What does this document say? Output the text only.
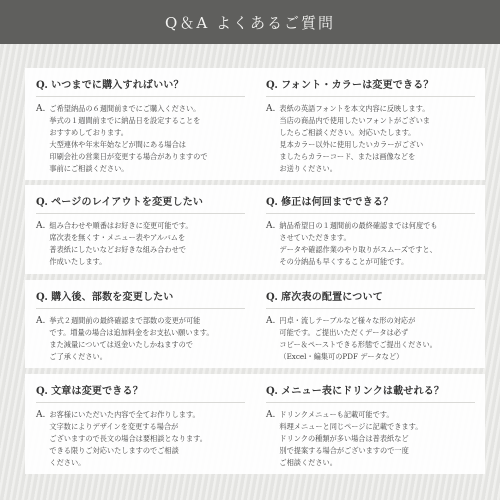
Q＆A よくあるご質問
Q. いつまでに購入すればいい？
A. ご希望納品の６週間前までにご購入ください。
挙式の１週間前までに納品日を設定することを
おすすめしております。
大型連休や年末年始などが間にある場合は
印刷会社の営業日が変更する場合がありますので
事前にご相談ください。
Q. フォント・カラーは変更できる？
A. 表紙の英語フォントを本文内容に反映します。
当店の商品内で使用したいフォントがございま
したらご相談ください。対応いたします。
見本カラー以外に使用したいカラーがござい
ましたらカラーコード、または画像などを
お送りください。
Q. ページのレイアウトを変更したい
A. 組み合わせや順番はお好きに変更可能です。
席次表を無くす・メニュー表やアルバムを
普表紙にしたいなどお好きな組み合わせで
作成いたします。
Q. 修正は何回までできる？
A. 納品希望日の１週間前の最終確認までは何度でも
させていただきます。
データや確認作業のやり取りがスムーズですと、
その分納品も早くすることが可能です。
Q. 購入後、部数を変更したい
A. 挙式２週間前の最終確認まで部数の変更が可能
です。増量の場合は追加料金をお支払い願います。
また減量については返金いたしかねますので
ご了承ください。
Q. 席次表の配置について
A. 円卓・流しテーブルなど様々な形の対応が
可能です。ご提出いただくデータは必ず
コピー＆ペーストできる形態でご提出ください。
（Excel・編集可のPDF データなど）
Q. 文章は変更できる？
A. お客様にいただいた内容で全てお作りします。
文字数によりデザインを変更する場合が
ございますので長文の場合は要相談となります。
できる限りご対応いたしますのでご相談
ください。
Q. メニュー表にドリンクは載せれる？
A. ドリンクメニューも記載可能です。
料理メニューと同じページに記載できます。
ドリンクの種類が多い場合は普表紙など
別で提案する場合がございますので一度
ご相談ください。
